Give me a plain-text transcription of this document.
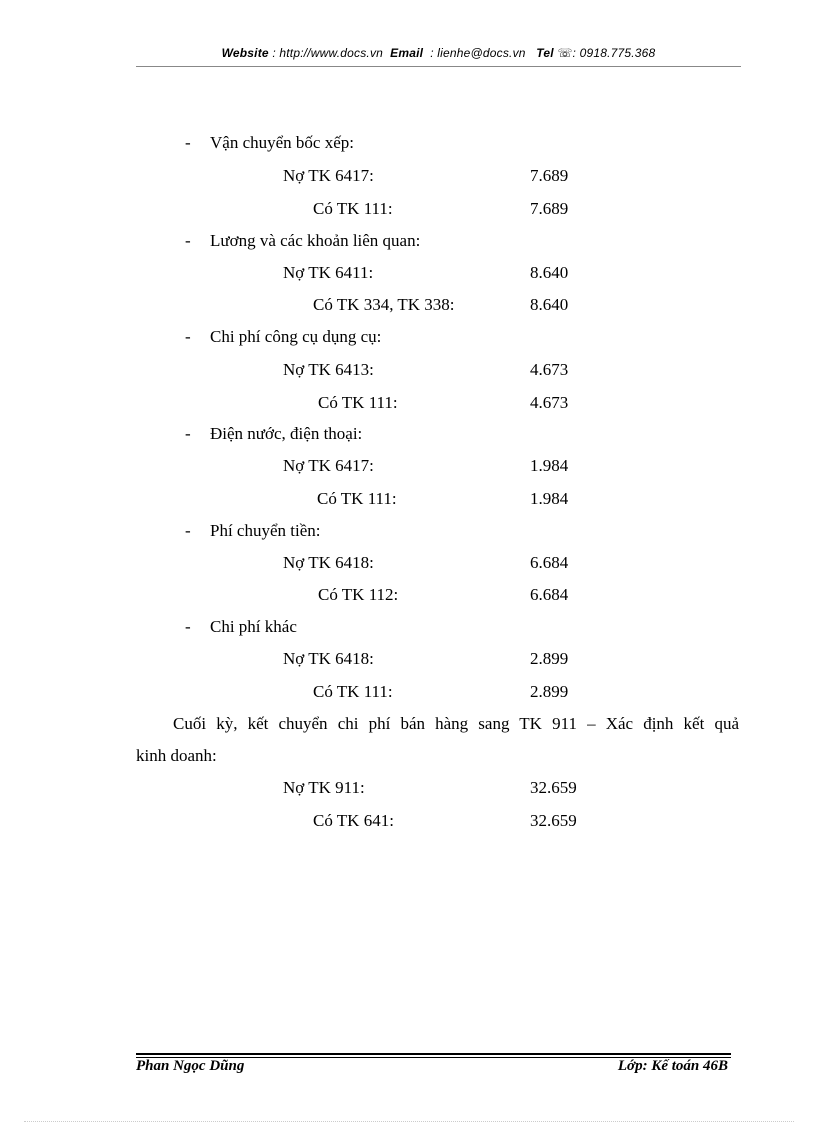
Website : http://www.docs.vn Email  : lienhe@docs.vn Tel ☏: 0918.775.368
- Vận chuyển bốc xếp:
Nợ TK 6417:	7.689
Có TK 111:	7.689
- Lương và các khoản liên quan:
Nợ TK 6411:	8.640
Có TK 334, TK 338:	8.640
- Chi phí công cụ dụng cụ:
Nợ TK 6413:	4.673
Có TK 111:	4.673
- Điện nước, điện thoại:
Nợ TK 6417:	1.984
Có TK 111:	1.984
- Phí chuyển tiền:
Nợ TK 6418:	6.684
Có TK 112:	6.684
- Chi phí khác
Nợ TK 6418:	2.899
Có TK 111:	2.899
Cuối kỳ, kết chuyển chi phí bán hàng sang TK 911 – Xác định kết quả
kinh doanh:
Nợ TK 911:	32.659
Có TK 641:	32.659
Phan Ngọc Dũng	Lớp: Kế toán 46B
